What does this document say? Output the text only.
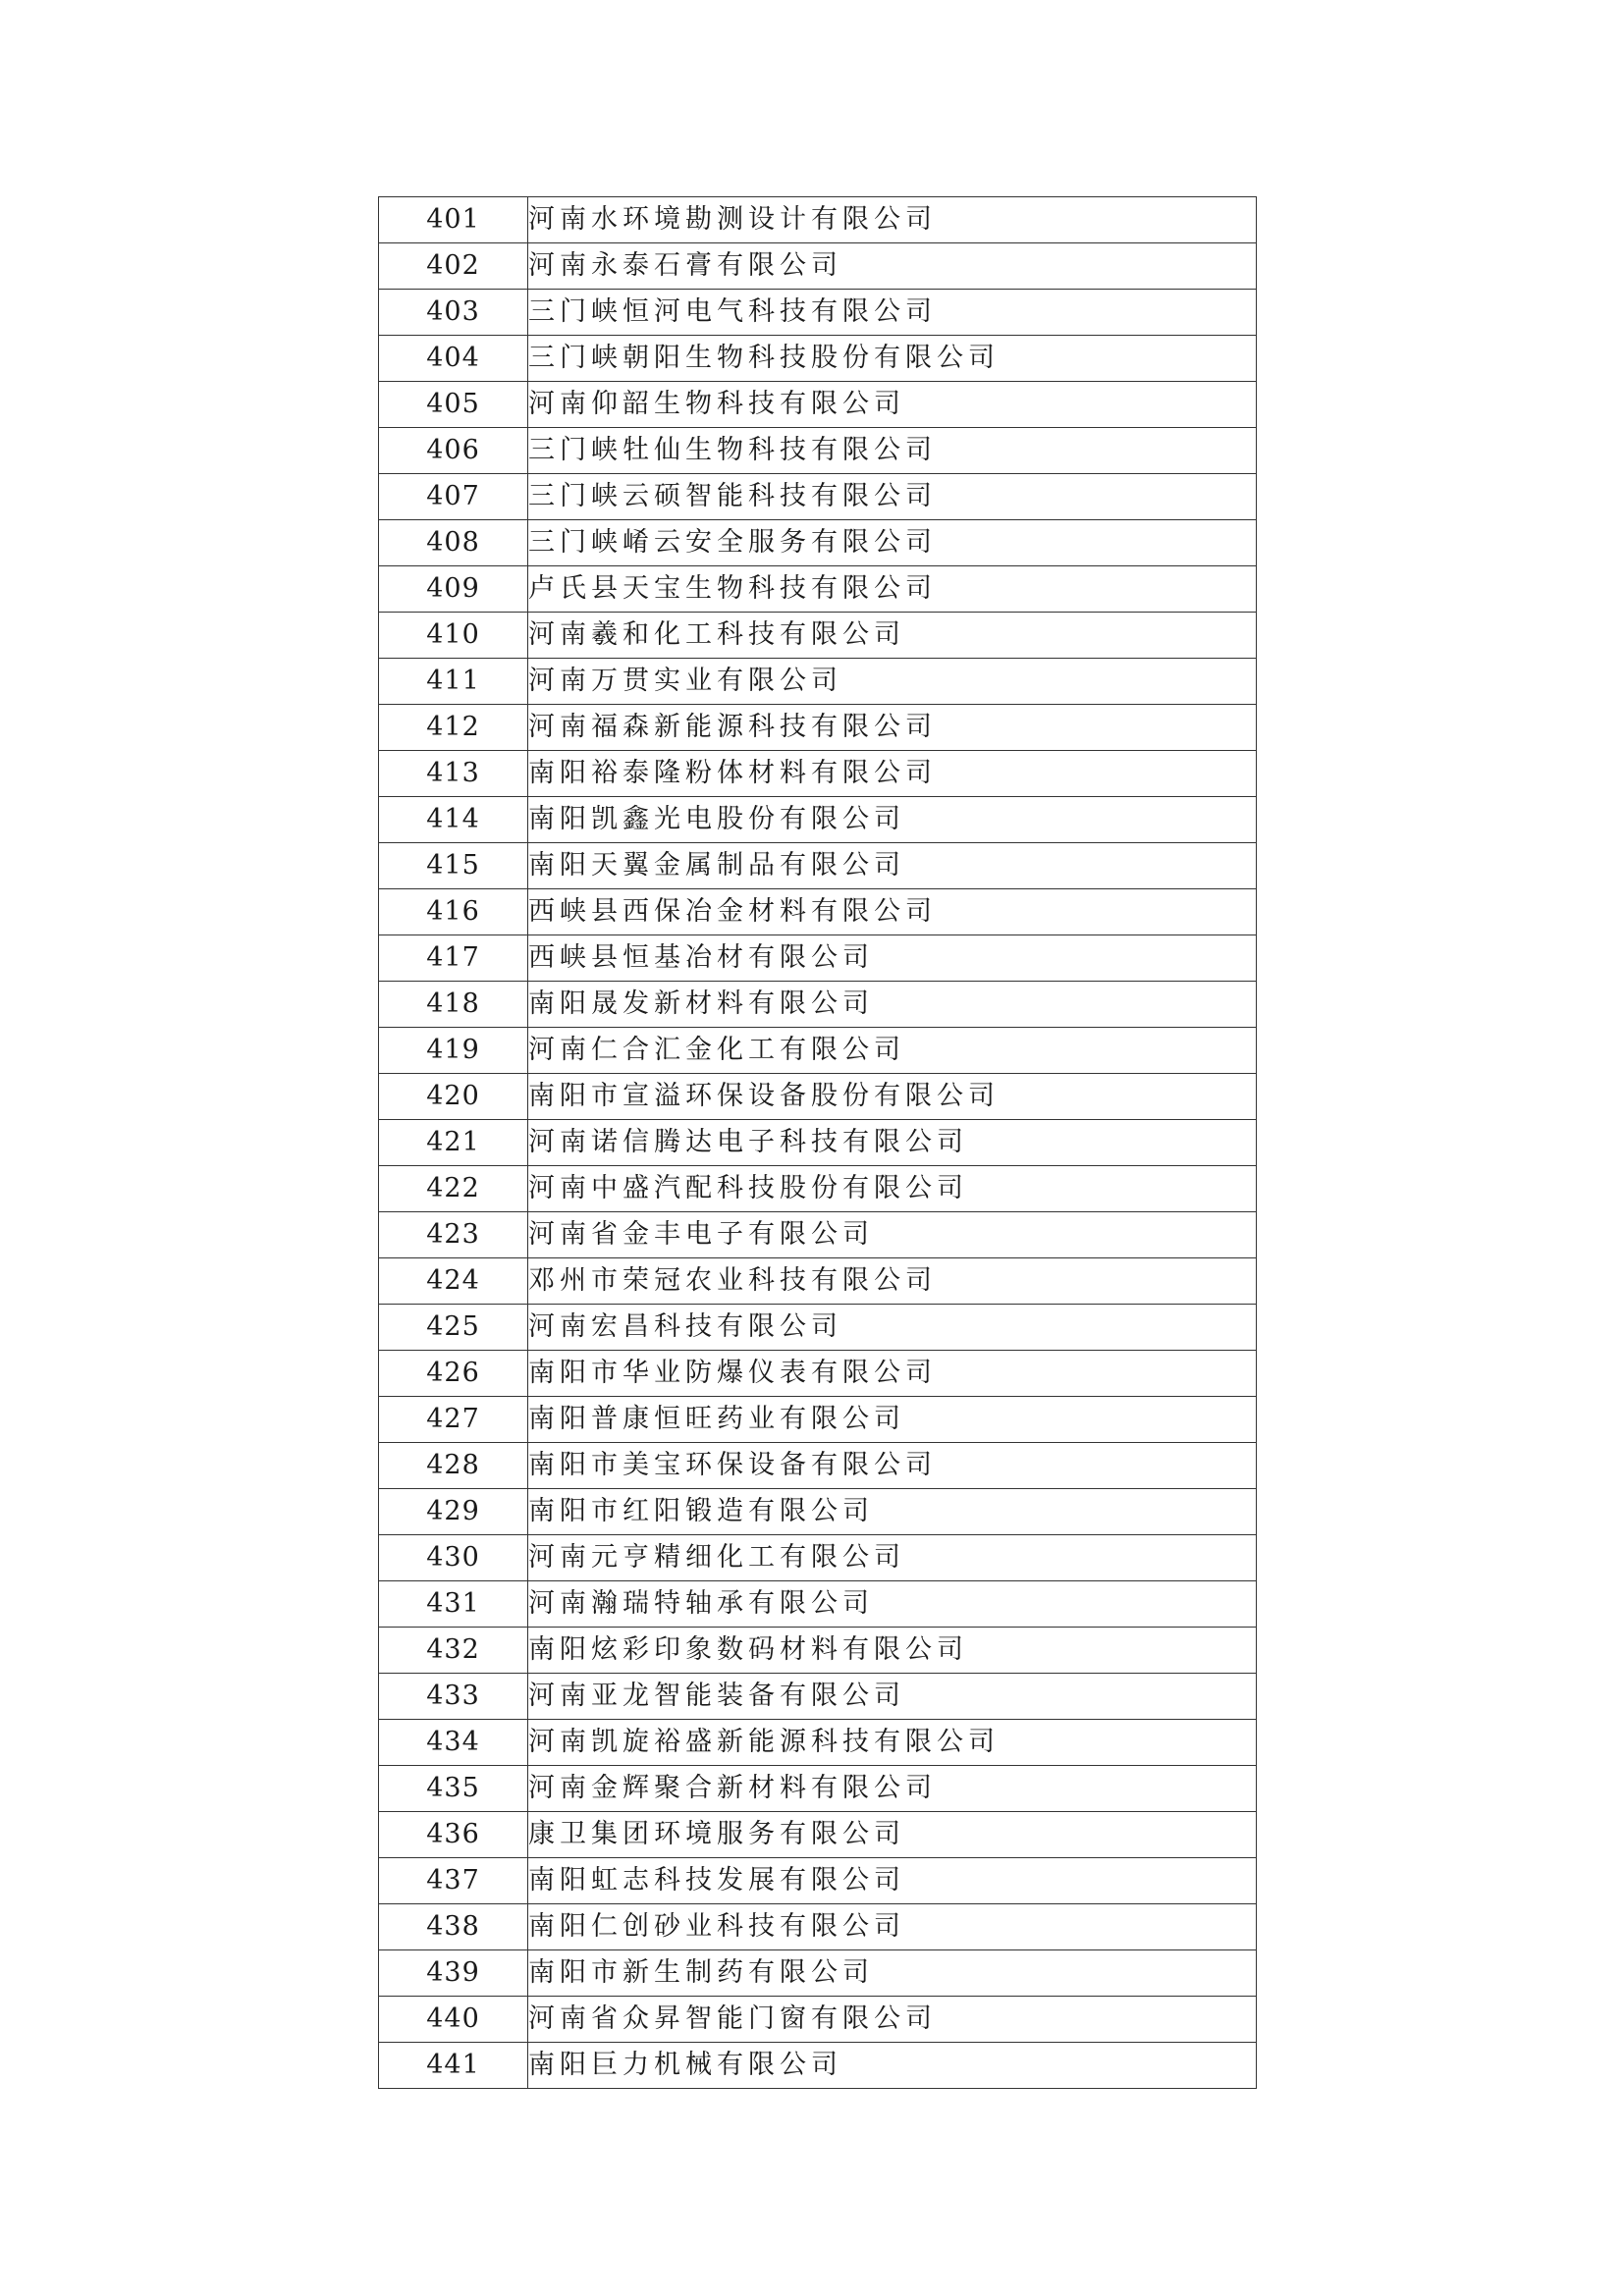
401	河南水环境勘测设计有限公司
402	河南永泰石膏有限公司
403	三门峡恒河电气科技有限公司
404	三门峡朝阳生物科技股份有限公司
405	河南仰韶生物科技有限公司
406	三门峡牡仙生物科技有限公司
407	三门峡云硕智能科技有限公司
408	三门峡崤云安全服务有限公司
409	卢氏县天宝生物科技有限公司
410	河南羲和化工科技有限公司
411	河南万贯实业有限公司
412	河南福森新能源科技有限公司
413	南阳裕泰隆粉体材料有限公司
414	南阳凯鑫光电股份有限公司
415	南阳天翼金属制品有限公司
416	西峡县西保冶金材料有限公司
417	西峡县恒基冶材有限公司
418	南阳晟发新材料有限公司
419	河南仁合汇金化工有限公司
420	南阳市宣溢环保设备股份有限公司
421	河南诺信腾达电子科技有限公司
422	河南中盛汽配科技股份有限公司
423	河南省金丰电子有限公司
424	邓州市荣冠农业科技有限公司
425	河南宏昌科技有限公司
426	南阳市华业防爆仪表有限公司
427	南阳普康恒旺药业有限公司
428	南阳市美宝环保设备有限公司
429	南阳市红阳锻造有限公司
430	河南元亨精细化工有限公司
431	河南瀚瑞特轴承有限公司
432	南阳炫彩印象数码材料有限公司
433	河南亚龙智能装备有限公司
434	河南凯旋裕盛新能源科技有限公司
435	河南金辉聚合新材料有限公司
436	康卫集团环境服务有限公司
437	南阳虹志科技发展有限公司
438	南阳仁创砂业科技有限公司
439	南阳市新生制药有限公司
440	河南省众昇智能门窗有限公司
441	南阳巨力机械有限公司
